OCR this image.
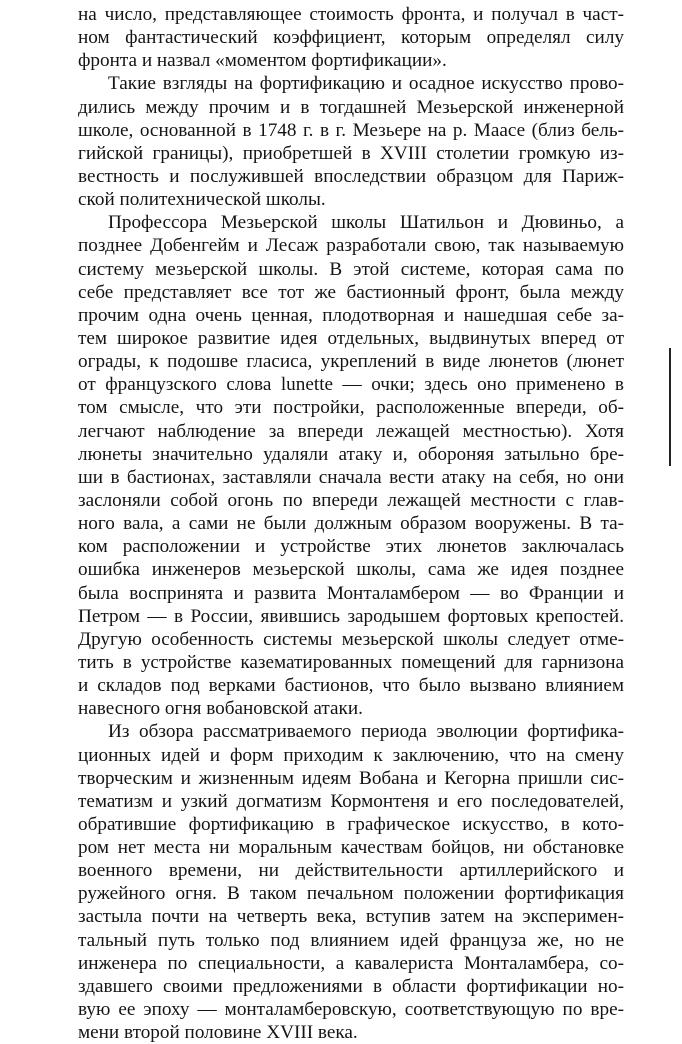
на число, представляющее стоимость фронта, и получал в част-
ном фантастический коэффициент, которым определял силу
фронта и назвал «моментом фортификации».
Такие взгляды на фортификацию и осадное искусство прово-
дились между прочим и в тогдашней Мезьерской инженерной
школе, основанной в 1748 г. в г. Мезьере на р. Маасе (близ бель-
гийской границы), приобретшей в XVIII столетии громкую из-
вестность и послужившей впоследствии образцом для Париж-
ской политехнической школы.
Профессора Мезьерской школы Шатильон и Дювиньо, а
позднее Добенгейм и Лесаж разработали свою, так называемую
систему мезьерской школы. В этой системе, которая сама по
себе представляет все тот же бастионный фронт, была между
прочим одна очень ценная, плодотворная и нашедшая себе за-
тем широкое развитие идея отдельных, выдвинутых вперед от
ограды, к подошве гласиса, укреплений в виде люнетов (люнет
от французского слова lunette — очки; здесь оно применено в
том смысле, что эти постройки, расположенные впереди, об-
легчают наблюдение за впереди лежащей местностью). Хотя
люнеты значительно удаляли атаку и, обороняя затыльно бре-
ши в бастионах, заставляли сначала вести атаку на себя, но они
заслоняли собой огонь по впереди лежащей местности с глав-
ного вала, а сами не были должным образом вооружены. В та-
ком расположении и устройстве этих люнетов заключалась
ошибка инженеров мезьерской школы, сама же идея позднее
была воспринята и развита Монталамбером — во Франции и
Петром — в России, явившись зародышем фортовых крепостей.
Другую особенность системы мезьерской школы следует отме-
тить в устройстве казематированных помещений для гарнизона
и складов под верками бастионов, что было вызвано влиянием
навесного огня вобановской атаки.
Из обзора рассматриваемого периода эволюции фортифика-
ционных идей и форм приходим к заключению, что на смену
творческим и жизненным идеям Вобана и Кегорна пришли сис-
тематизм и узкий догматизм Кормонтеня и его последователей,
обратившие фортификацию в графическое искусство, в кото-
ром нет места ни моральным качествам бойцов, ни обстановке
военного времени, ни действительности артиллерийского и
ружейного огня. В таком печальном положении фортификация
застыла почти на четверть века, вступив затем на эксперимен-
тальный путь только под влиянием идей француза же, но не
инженера по специальности, а кавалериста Монталамбера, со-
здавшего своими предложениями в области фортификации но-
вую ее эпоху — монталамберовскую, соответствующую по вре-
мени второй половине XVIII века.
